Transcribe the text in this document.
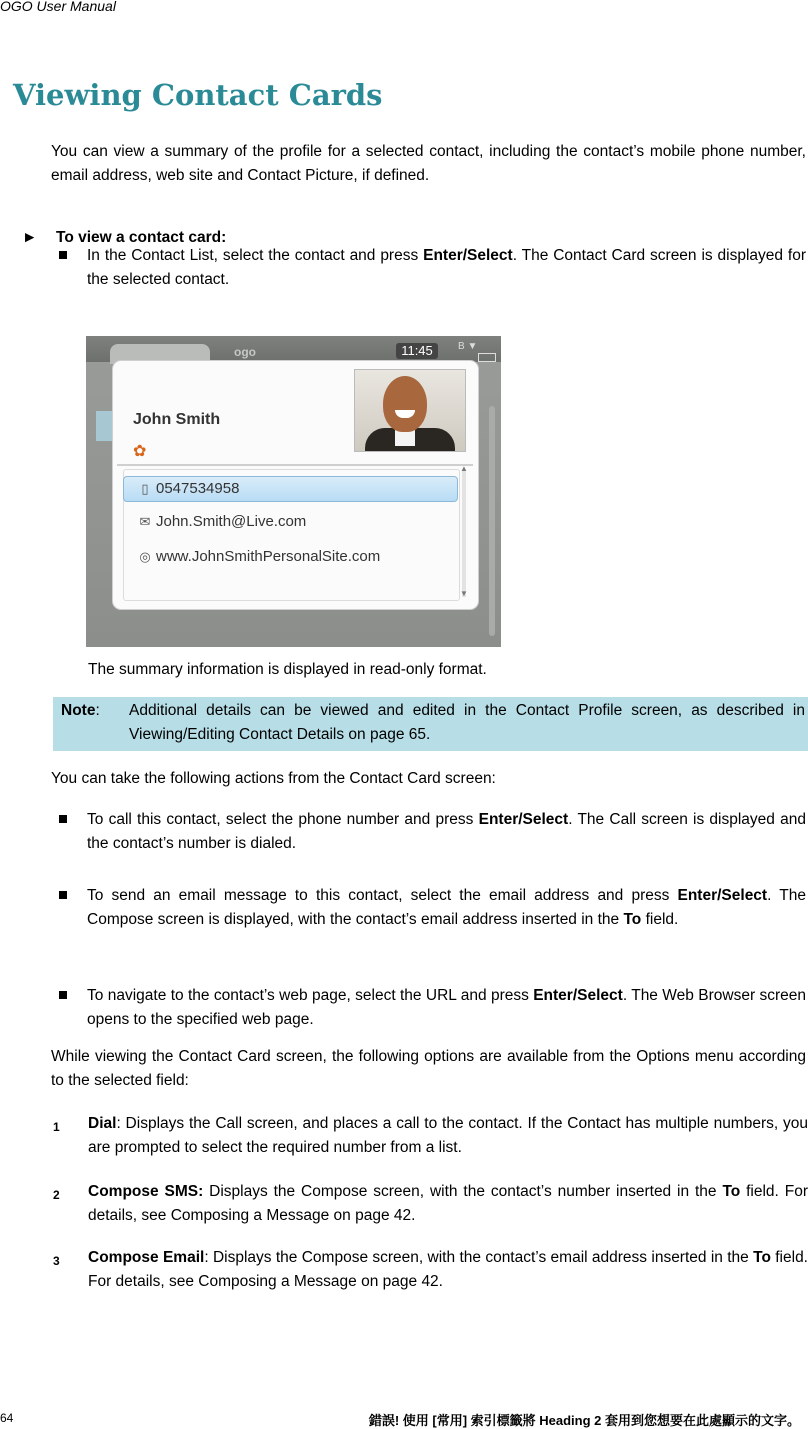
OGO User Manual
Viewing Contact Cards

You can view a summary of the profile for a selected contact, including the contact’s mobile phone number, email address, web site and Contact Picture, if defined.

► To view a contact card:
In the Contact List, select the contact and press Enter/Select. The Contact Card screen is displayed for the selected contact.
ogo	11:45	B ▼
John Smith
✿
▯ 0547534958
✉ John.Smith@Live.com
◎ www.JohnSmithPersonalSite.com
▲
▼
The summary information is displayed in read-only format.
Note: Additional details can be viewed and edited in the Contact Profile screen, as described in Viewing/Editing Contact Details on page 65.

You can take the following actions from the Contact Card screen:

To call this contact, select the phone number and press Enter/Select. The Call screen is displayed and the contact’s number is dialed.
To send an email message to this contact, select the email address and press Enter/Select. The Compose screen is displayed, with the contact’s email address inserted in the To field.
To navigate to the contact’s web page, select the URL and press Enter/Select. The Web Browser screen opens to the specified web page.

While viewing the Contact Card screen, the following options are available from the Options menu according to the selected field:

1 Dial: Displays the Call screen, and places a call to the contact. If the Contact has multiple numbers, you are prompted to select the required number from a list.
2 Compose SMS: Displays the Compose screen, with the contact’s number inserted in the To field. For details, see Composing a Message on page 42.
3 Compose Email: Displays the Compose screen, with the contact’s email address inserted in the To field. For details, see Composing a Message on page 42.
64	錯誤! 使用 [常用] 索引標籤將 Heading 2 套用到您想要在此處顯示的文字。
